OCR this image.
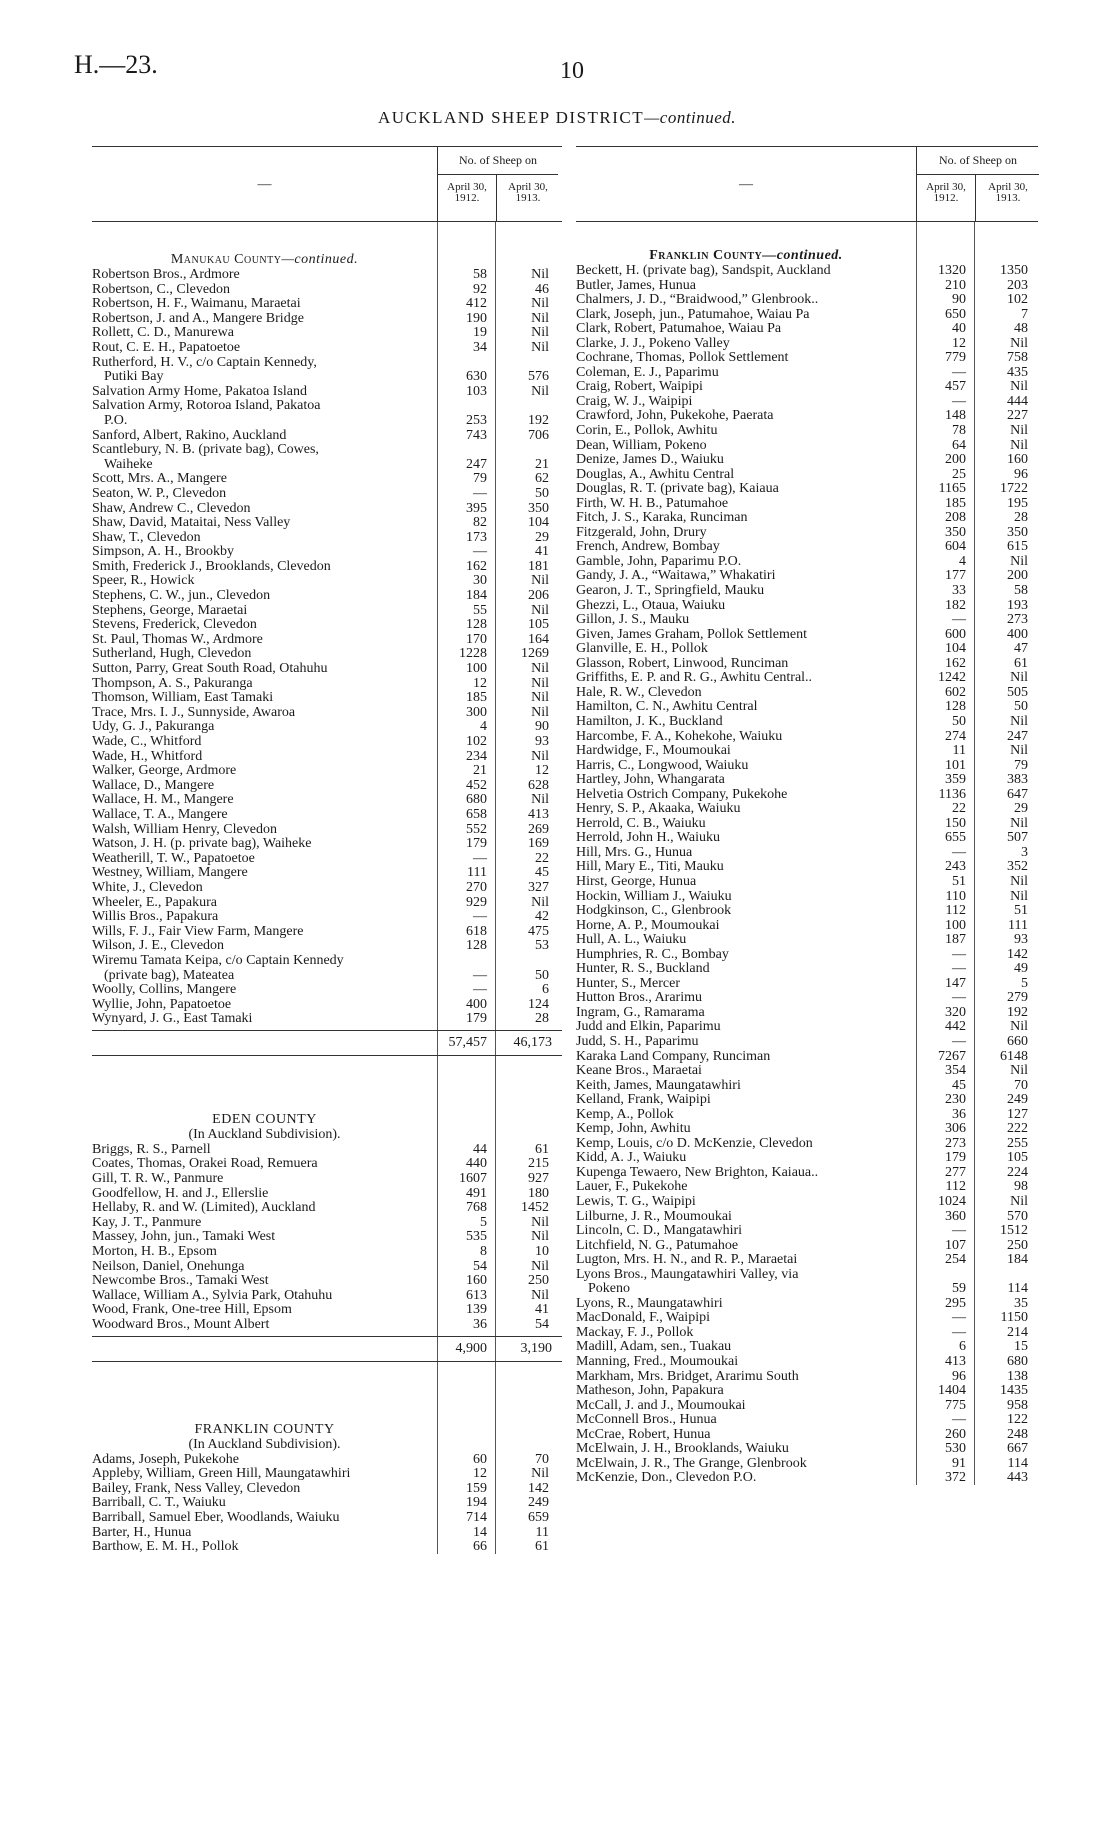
H.—23.	10
AUCKLAND SHEEP DISTRICT—continued.
—
No. of Sheep on
April 30, 1912.
April 30, 1913.
Manukau County—continued.
Robertson Bros., Ardmore	58	Nil
Robertson, C., Clevedon	92	46
Robertson, H. F., Waimanu, Maraetai	412	Nil
Robertson, J. and A., Mangere Bridge	190	Nil
Rollett, C. D., Manurewa	19	Nil
Rout, C. E. H., Papatoetoe	34	Nil
Rutherford, H. V., c/o Captain Kennedy,
Putiki Bay	630	576
Salvation Army Home, Pakatoa Island	103	Nil
Salvation Army, Rotoroa Island, Pakatoa
P.O.	253	192
Sanford, Albert, Rakino, Auckland	743	706
Scantlebury, N. B. (private bag), Cowes,
Waiheke	247	21
Scott, Mrs. A., Mangere	79	62
Seaton, W. P., Clevedon	—	50
Shaw, Andrew C., Clevedon	395	350
Shaw, David, Mataitai, Ness Valley	82	104
Shaw, T., Clevedon	173	29
Simpson, A. H., Brookby	—	41
Smith, Frederick J., Brooklands, Clevedon	162	181
Speer, R., Howick	30	Nil
Stephens, C. W., jun., Clevedon	184	206
Stephens, George, Maraetai	55	Nil
Stevens, Frederick, Clevedon	128	105
St. Paul, Thomas W., Ardmore	170	164
Sutherland, Hugh, Clevedon	1228	1269
Sutton, Parry, Great South Road, Otahuhu	100	Nil
Thompson, A. S., Pakuranga	12	Nil
Thomson, William, East Tamaki	185	Nil
Trace, Mrs. I. J., Sunnyside, Awaroa	300	Nil
Udy, G. J., Pakuranga	4	90
Wade, C., Whitford	102	93
Wade, H., Whitford	234	Nil
Walker, George, Ardmore	21	12
Wallace, D., Mangere	452	628
Wallace, H. M., Mangere	680	Nil
Wallace, T. A., Mangere	658	413
Walsh, William Henry, Clevedon	552	269
Watson, J. H. (p. private bag), Waiheke	179	169
Weatherill, T. W., Papatoetoe	—	22
Westney, William, Mangere	111	45
White, J., Clevedon	270	327
Wheeler, E., Papakura	929	Nil
Willis Bros., Papakura	—	42
Wills, F. J., Fair View Farm, Mangere	618	475
Wilson, J. E., Clevedon	128	53
Wiremu Tamata Keipa, c/o Captain Kennedy
(private bag), Mateatea	—	50
Woolly, Collins, Mangere	—	6
Wyllie, John, Papatoetoe	400	124
Wynyard, J. G., East Tamaki	179	28
57,457	46,173
EDEN COUNTY
(In Auckland Subdivision).
Briggs, R. S., Parnell	44	61
Coates, Thomas, Orakei Road, Remuera	440	215
Gill, T. R. W., Panmure	1607	927
Goodfellow, H. and J., Ellerslie	491	180
Hellaby, R. and W. (Limited), Auckland	768	1452
Kay, J. T., Panmure	5	Nil
Massey, John, jun., Tamaki West	535	Nil
Morton, H. B., Epsom	8	10
Neilson, Daniel, Onehunga	54	Nil
Newcombe Bros., Tamaki West	160	250
Wallace, William A., Sylvia Park, Otahuhu	613	Nil
Wood, Frank, One-tree Hill, Epsom	139	41
Woodward Bros., Mount Albert	36	54
4,900	3,190
FRANKLIN COUNTY
(In Auckland Subdivision).
Adams, Joseph, Pukekohe	60	70
Appleby, William, Green Hill, Maungatawhiri	12	Nil
Bailey, Frank, Ness Valley, Clevedon	159	142
Barriball, C. T., Waiuku	194	249
Barriball, Samuel Eber, Woodlands, Waiuku	714	659
Barter, H., Hunua	14	11
Barthow, E. M. H., Pollok	66	61
—
No. of Sheep on
April 30, 1912.
April 30, 1913.
Franklin County—continued.
Beckett, H. (private bag), Sandspit, Auckland	1320	1350
Butler, James, Hunua	210	203
Chalmers, J. D., “Braidwood,” Glenbrook..	90	102
Clark, Joseph, jun., Patumahoe, Waiau Pa	650	7
Clark, Robert, Patumahoe, Waiau Pa	40	48
Clarke, J. J., Pokeno Valley	12	Nil
Cochrane, Thomas, Pollok Settlement	779	758
Coleman, E. J., Paparimu	—	435
Craig, Robert, Waipipi	457	Nil
Craig, W. J., Waipipi	—	444
Crawford, John, Pukekohe, Paerata	148	227
Corin, E., Pollok, Awhitu	78	Nil
Dean, William, Pokeno	64	Nil
Denize, James D., Waiuku	200	160
Douglas, A., Awhitu Central	25	96
Douglas, R. T. (private bag), Kaiaua	1165	1722
Firth, W. H. B., Patumahoe	185	195
Fitch, J. S., Karaka, Runciman	208	28
Fitzgerald, John, Drury	350	350
French, Andrew, Bombay	604	615
Gamble, John, Paparimu P.O.	4	Nil
Gandy, J. A., “Waitawa,” Whakatiri	177	200
Gearon, J. T., Springfield, Mauku	33	58
Ghezzi, L., Otaua, Waiuku	182	193
Gillon, J. S., Mauku	—	273
Given, James Graham, Pollok Settlement	600	400
Glanville, E. H., Pollok	104	47
Glasson, Robert, Linwood, Runciman	162	61
Griffiths, E. P. and R. G., Awhitu Central..	1242	Nil
Hale, R. W., Clevedon	602	505
Hamilton, C. N., Awhitu Central	128	50
Hamilton, J. K., Buckland	50	Nil
Harcombe, F. A., Kohekohe, Waiuku	274	247
Hardwidge, F., Moumoukai	11	Nil
Harris, C., Longwood, Waiuku	101	79
Hartley, John, Whangarata	359	383
Helvetia Ostrich Company, Pukekohe	1136	647
Henry, S. P., Akaaka, Waiuku	22	29
Herrold, C. B., Waiuku	150	Nil
Herrold, John H., Waiuku	655	507
Hill, Mrs. G., Hunua	—	3
Hill, Mary E., Titi, Mauku	243	352
Hirst, George, Hunua	51	Nil
Hockin, William J., Waiuku	110	Nil
Hodgkinson, C., Glenbrook	112	51
Horne, A. P., Moumoukai	100	111
Hull, A. L., Waiuku	187	93
Humphries, R. C., Bombay	—	142
Hunter, R. S., Buckland	—	49
Hunter, S., Mercer	147	5
Hutton Bros., Ararimu	—	279
Ingram, G., Ramarama	320	192
Judd and Elkin, Paparimu	442	Nil
Judd, S. H., Paparimu	—	660
Karaka Land Company, Runciman	7267	6148
Keane Bros., Maraetai	354	Nil
Keith, James, Maungatawhiri	45	70
Kelland, Frank, Waipipi	230	249
Kemp, A., Pollok	36	127
Kemp, John, Awhitu	306	222
Kemp, Louis, c/o D. McKenzie, Clevedon	273	255
Kidd, A. J., Waiuku	179	105
Kupenga Tewaero, New Brighton, Kaiaua..	277	224
Lauer, F., Pukekohe	112	98
Lewis, T. G., Waipipi	1024	Nil
Lilburne, J. R., Moumoukai	360	570
Lincoln, C. D., Mangatawhiri	—	1512
Litchfield, N. G., Patumahoe	107	250
Lugton, Mrs. H. N., and R. P., Maraetai	254	184
Lyons Bros., Maungatawhiri Valley, via
Pokeno	59	114
Lyons, R., Maungatawhiri	295	35
MacDonald, F., Waipipi	—	1150
Mackay, F. J., Pollok	—	214
Madill, Adam, sen., Tuakau	6	15
Manning, Fred., Moumoukai	413	680
Markham, Mrs. Bridget, Ararimu South	96	138
Matheson, John, Papakura	1404	1435
McCall, J. and J., Moumoukai	775	958
McConnell Bros., Hunua	—	122
McCrae, Robert, Hunua	260	248
McElwain, J. H., Brooklands, Waiuku	530	667
McElwain, J. R., The Grange, Glenbrook	91	114
McKenzie, Don., Clevedon P.O.	372	443
